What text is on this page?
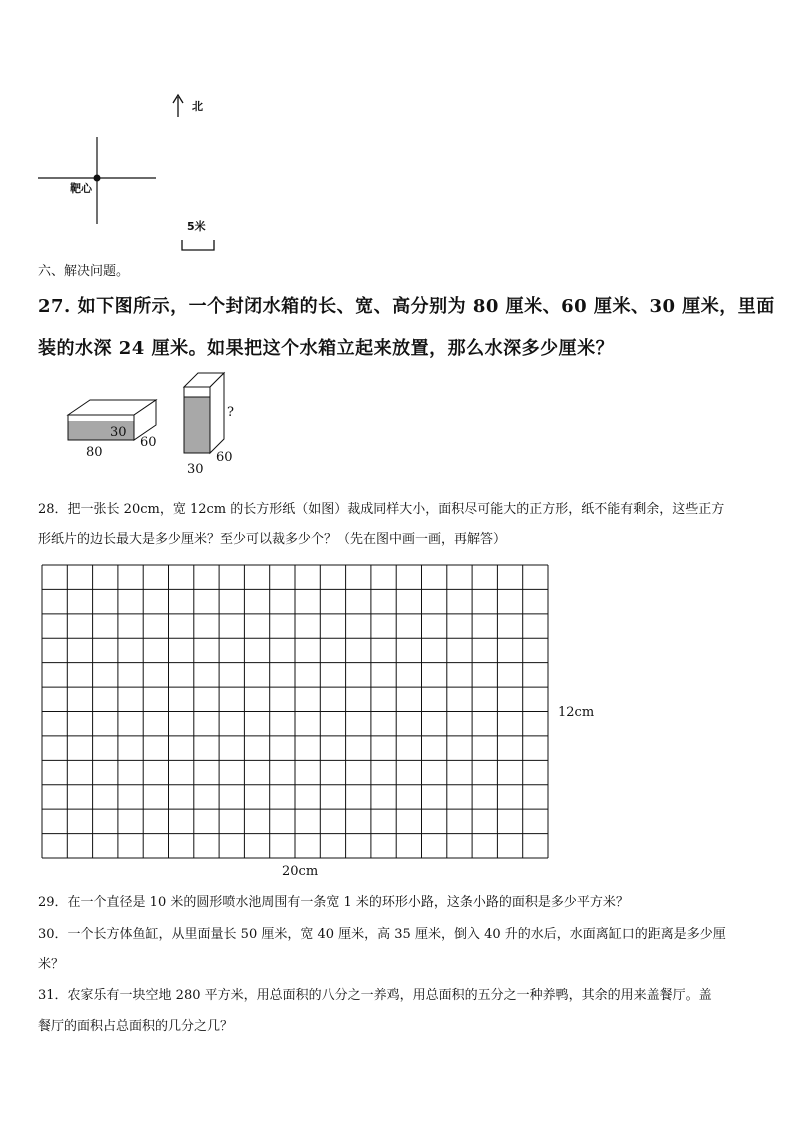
北
靶心
5米
六、解决问题。
27. 如下图所示，一个封闭水箱的长、宽、高分别为 80 厘米、60 厘米、30 厘米，里面
装的水深 24 厘米。如果把这个水箱立起来放置，那么水深多少厘米？
30
60
80
?
60
30
28．把一张长 20cm，宽 12cm 的长方形纸（如图）裁成同样大小，面积尽可能大的正方形，纸不能有剩余，这些正方
形纸片的边长最大是多少厘米？至少可以裁多少个？（先在图中画一画，再解答）
12cm
20cm
29．在一个直径是 10 米的圆形喷水池周围有一条宽 1 米的环形小路，这条小路的面积是多少平方米？
30．一个长方体鱼缸，从里面量长 50 厘米，宽 40 厘米，高 35 厘米，倒入 40 升的水后，水面离缸口的距离是多少厘
米？
31．农家乐有一块空地 280 平方米，用总面积的八分之一养鸡，用总面积的五分之一种养鸭，其余的用来盖餐厅。盖
餐厅的面积占总面积的几分之几？
